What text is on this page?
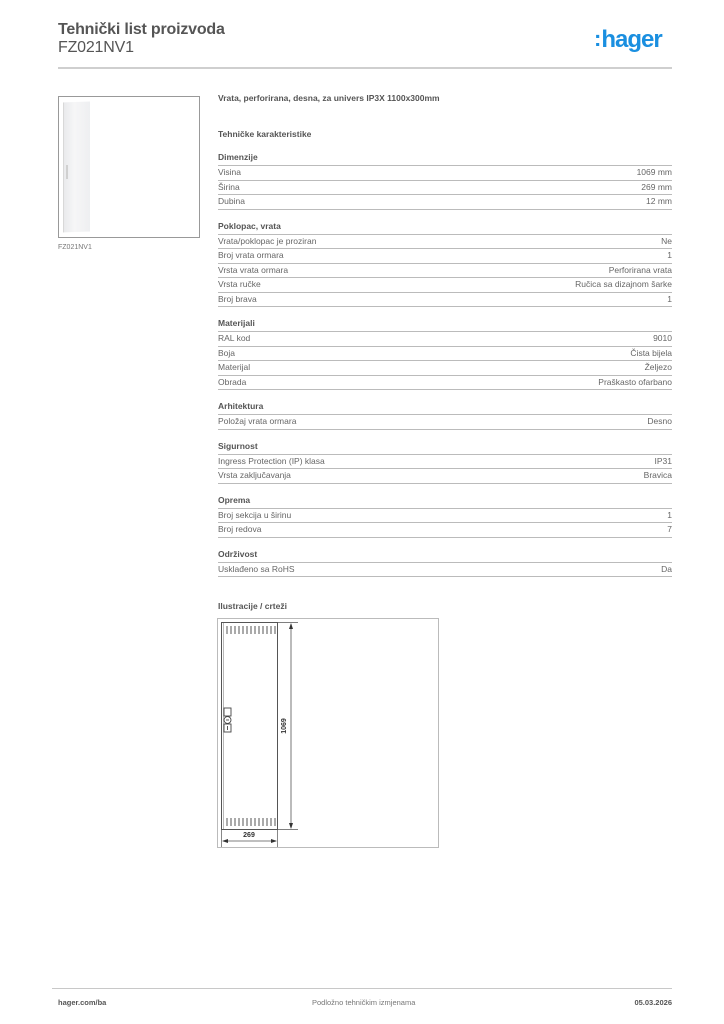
Tehnički list proizvoda
FZ021NV1	:hager
FZ021NV1
Vrata, perforirana, desna, za univers IP3X 1100x300mm
Tehničke karakteristike
Dimenzije
Visina	1069 mm
Širina	269 mm
Dubina	12 mm
Poklopac, vrata
Vrata/poklopac je proziran	Ne
Broj vrata ormara	1
Vrsta vrata ormara	Perforirana vrata
Vrsta ručke	Ručica sa dizajnom šarke
Broj brava	1
Materijali
RAL kod	9010
Boja	Čista bijela
Materijal	Željezo
Obrada	Praškasto ofarbano
Arhitektura
Položaj vrata ormara	Desno
Sigurnost
Ingress Protection (IP) klasa	IP31
Vrsta zaključavanja	Bravica
Oprema
Broj sekcija u širinu	1
Broj redova	7
Održivost
Usklađeno sa RoHS	Da
Ilustracije / crteži
1069
269
hager.com/ba	Podložno tehničkim izmjenama	05.03.2026
